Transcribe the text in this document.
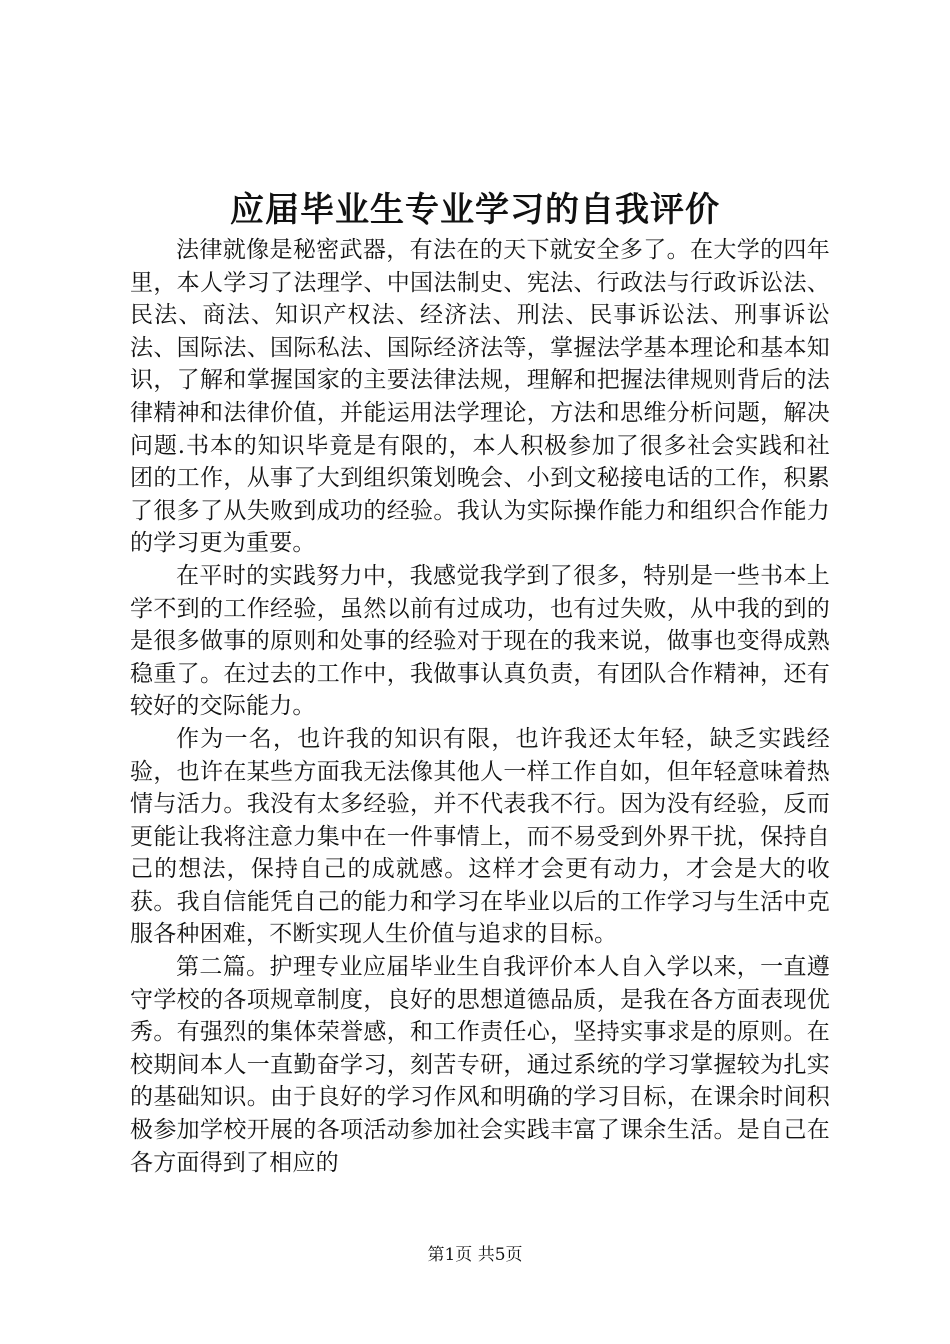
应届毕业生专业学习的自我评价

法律就像是秘密武器，有法在的天下就安全多了。在大学的四年里，本人学习了法理学、中国法制史、宪法、行政法与行政诉讼法、民法、商法、知识产权法、经济法、刑法、民事诉讼法、刑事诉讼法、国际法、国际私法、国际经济法等，掌握法学基本理论和基本知识，了解和掌握国家的主要法律法规，理解和把握法律规则背后的法律精神和法律价值，并能运用法学理论，方法和思维分析问题，解决问题.书本的知识毕竟是有限的，本人积极参加了很多社会实践和社团的工作，从事了大到组织策划晚会、小到文秘接电话的工作，积累了很多了从失败到成功的经验。我认为实际操作能力和组织合作能力的学习更为重要。

在平时的实践努力中，我感觉我学到了很多，特别是一些书本上学不到的工作经验，虽然以前有过成功，也有过失败，从中我的到的是很多做事的原则和处事的经验对于现在的我来说，做事也变得成熟稳重了。在过去的工作中，我做事认真负责，有团队合作精神，还有较好的交际能力。

作为一名，也许我的知识有限，也许我还太年轻，缺乏实践经验，也许在某些方面我无法像其他人一样工作自如，但年轻意味着热情与活力。我没有太多经验，并不代表我不行。因为没有经验，反而更能让我将注意力集中在一件事情上，而不易受到外界干扰，保持自己的想法，保持自己的成就感。这样才会更有动力，才会是大的收获。我自信能凭自己的能力和学习在毕业以后的工作学习与生活中克服各种困难，不断实现人生价值与追求的目标。

第二篇。护理专业应届毕业生自我评价本人自入学以来，一直遵守学校的各项规章制度，良好的思想道德品质，是我在各方面表现优秀。有强烈的集体荣誉感，和工作责任心，坚持实事求是的原则。在校期间本人一直勤奋学习，刻苦专研，通过系统的学习掌握较为扎实的基础知识。由于良好的学习作风和明确的学习目标，在课余时间积极参加学校开展的各项活动参加社会实践丰富了课余生活。是自己在各方面得到了相应的

第1页 共5页
